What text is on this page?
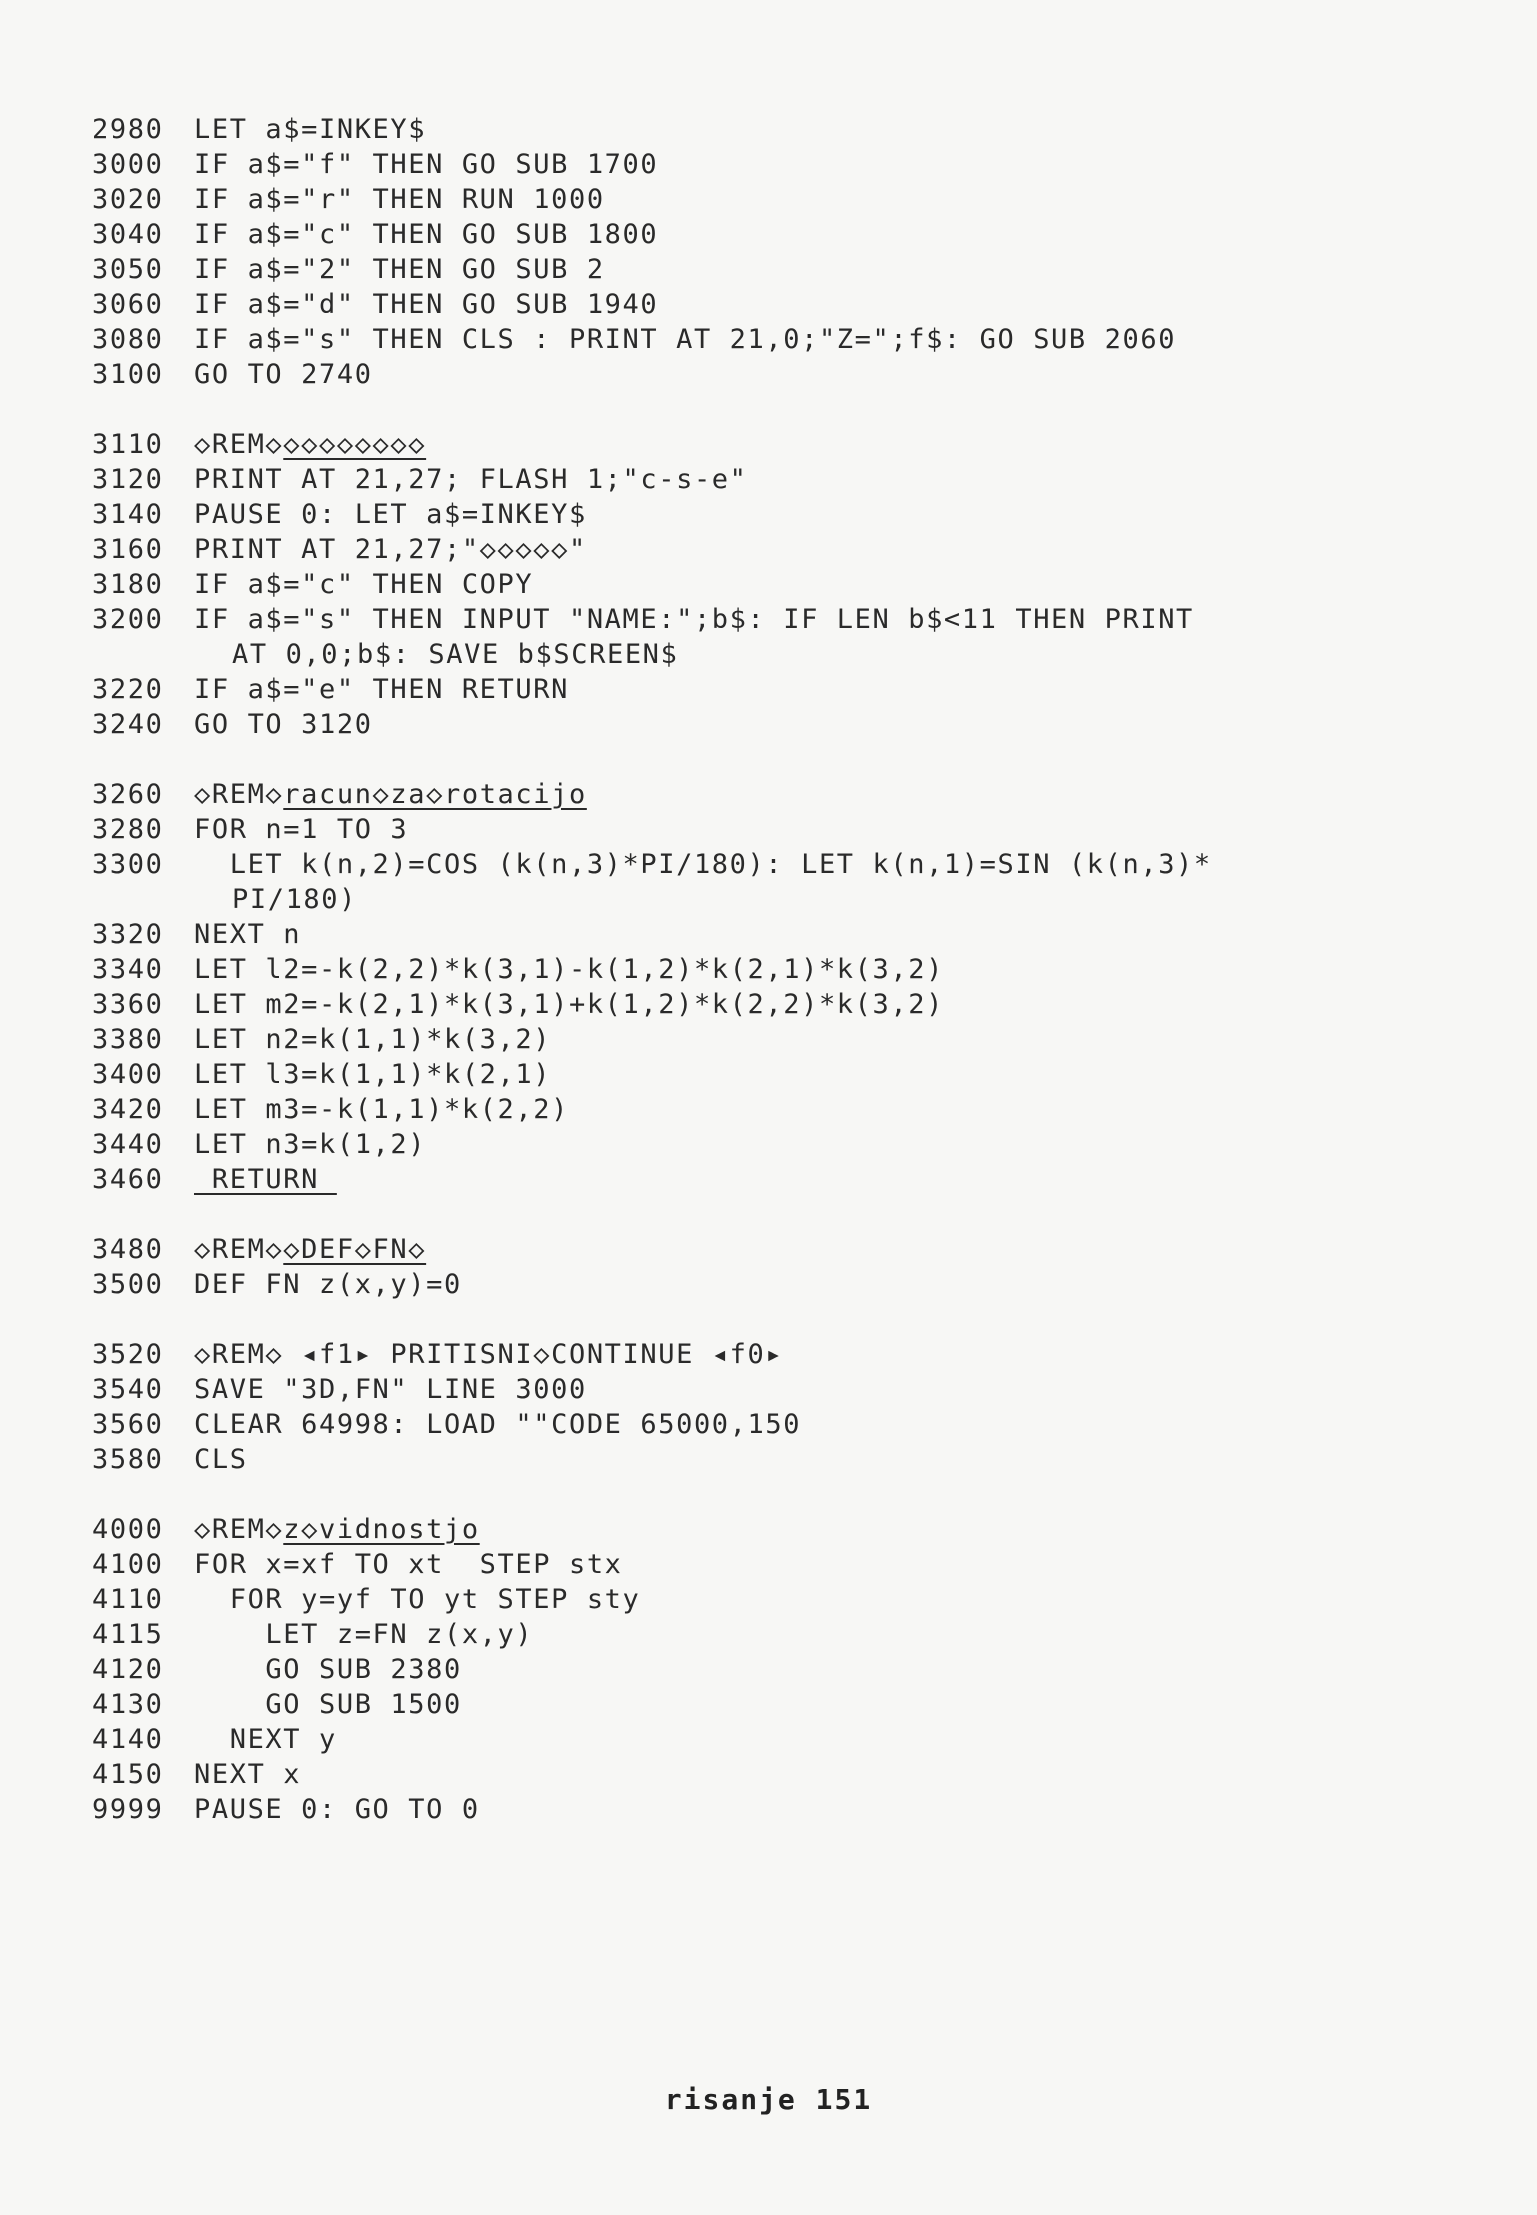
2980 LET a$=INKEY$
3000 IF a$="f" THEN GO SUB 1700
3020 IF a$="r" THEN RUN 1000
3040 IF a$="c" THEN GO SUB 1800
3050 IF a$="2" THEN GO SUB 2
3060 IF a$="d" THEN GO SUB 1940
3080 IF a$="s" THEN CLS : PRINT AT 21,0;"Z=";f$: GO SUB 2060
3100 GO TO 2740
3110 ◇REM◇◇◇◇◇◇◇◇◇
3120 PRINT AT 21,27; FLASH 1;"c-s-e"
3140 PAUSE 0: LET a$=INKEY$
3160 PRINT AT 21,27;"◇◇◇◇◇"
3180 IF a$="c" THEN COPY
3200 IF a$="s" THEN INPUT "NAME:";b$: IF LEN b$<11 THEN PRINT
AT 0,0;b$: SAVE b$SCREEN$
3220 IF a$="e" THEN RETURN
3240 GO TO 3120
3260 ◇REM◇racun◇za◇rotacijo
3280 FOR n=1 TO 3
3300  LET k(n,2)=COS (k(n,3)*PI/180): LET k(n,1)=SIN (k(n,3)*
PI/180)
3320 NEXT n
3340 LET l2=-k(2,2)*k(3,1)-k(1,2)*k(2,1)*k(3,2)
3360 LET m2=-k(2,1)*k(3,1)+k(1,2)*k(2,2)*k(3,2)
3380 LET n2=k(1,1)*k(3,2)
3400 LET l3=k(1,1)*k(2,1)
3420 LET m3=-k(1,1)*k(2,2)
3440 LET n3=k(1,2)
3460 RETURN
3480 ◇REM◇◇DEF◇FN◇
3500 DEF FN z(x,y)=0
3520 ◇REM◇ ◂f1▸ PRITISNI◇CONTINUE ◂f0▸
3540 SAVE "3D,FN" LINE 3000
3560 CLEAR 64998: LOAD ""CODE 65000,150
3580 CLS
4000 ◇REM◇z◇vidnostjo
4100 FOR x=xf TO xt  STEP stx
4110  FOR y=yf TO yt STEP sty
4115    LET z=FN z(x,y)
4120    GO SUB 2380
4130    GO SUB 1500
4140  NEXT y
4150 NEXT x
9999 PAUSE 0: GO TO 0
risanje 151
